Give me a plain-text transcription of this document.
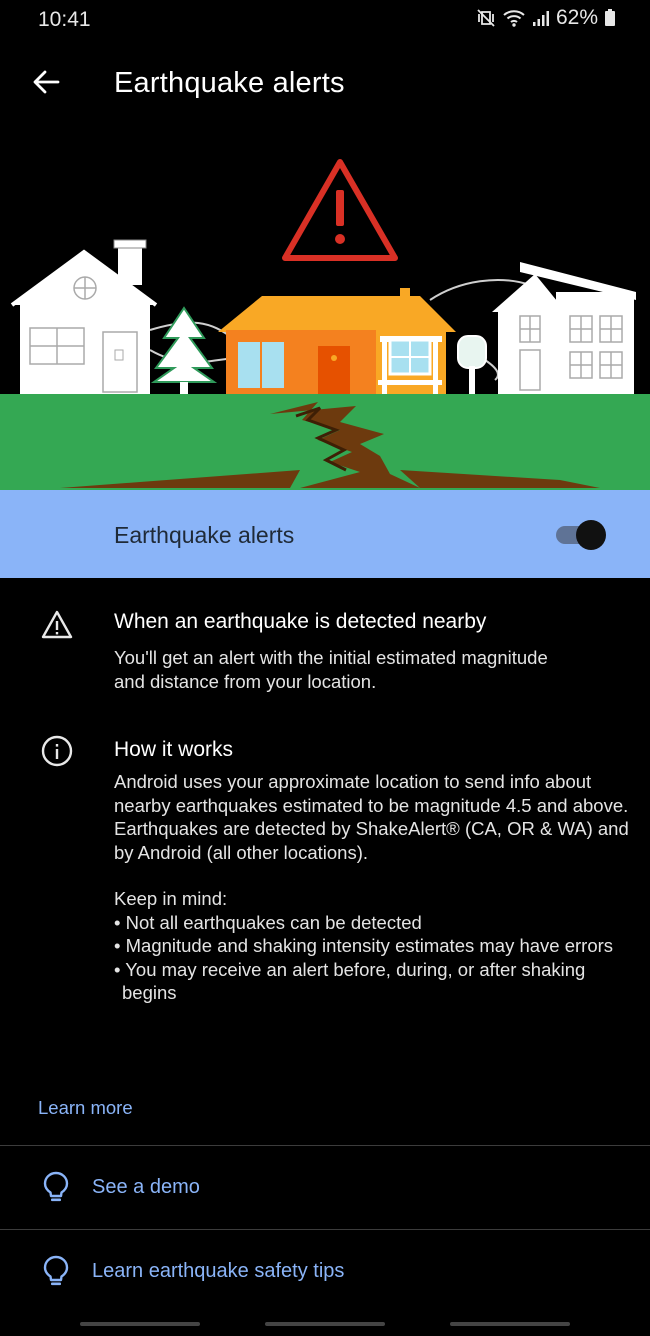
10:41	62%
Earthquake alerts
Earthquake alerts
When an earthquake is detected nearby

You'll get an alert with the initial estimated magnitude

and distance from your location.

How it works

Android uses your approximate location to send info about nearby earthquakes estimated to be magnitude 4.5 and above.

Earthquakes are detected by ShakeAlert® (CA, OR & WA) and by Android (all other locations).

Keep in mind:

• Not all earthquakes can be detected

• Magnitude and shaking intensity estimates may have errors

• You may receive an alert before, during, or after shaking begins

Learn more
See a demo
Learn earthquake safety tips
